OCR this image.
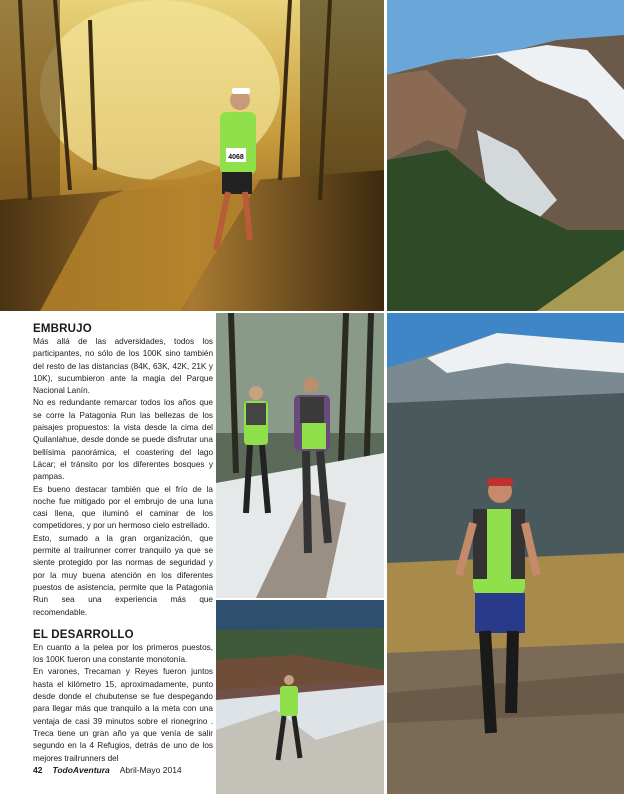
4068
EMBRUJO

Más allá de las adversidades, todos los participantes, no sólo de los 100K sino también del resto de las distancias (84K, 63K, 42K, 21K y 10K), sucumbieron ante la magia del Parque Nacional Lanín.

No es redundante remarcar todos los años que se corre la Patagonia Run las bellezas de los paisajes propuestos: la vista desde la cima del Quilanlahue, desde donde se puede disfrutar una bellísima panorámica, el coastering del lago Lácar; el tránsito por los diferentes bosques y pampas.

Es bueno destacar también que el frío de la noche fue mitigado por el embrujo de una luna casi llena, que iluminó el caminar de los competidores, y por un hermoso cielo estrellado.

Esto, sumado a la gran organización, que permite al trailrunner correr tranquilo ya que se siente protegido por las normas de seguridad y por la muy buena atención en los diferentes puestos de asistencia, permite que la Patagonia Run sea una experiencia más que recomendable.

EL DESARROLLO

En cuanto a la pelea por los primeros puestos, los 100K fueron una constante monotonía.

En varones, Trecaman y Reyes fueron juntos hasta el kilómetro 15, aproximadamente, punto desde donde el chubutense se fue despegando para llegar más que tranquilo a la meta con una ventaja de casi 39 minutos sobre el rionegrino . Treca tiene un gran año ya que venía de salir segundo en la 4 Refugios, detrás de uno de los mejores trailrunners del

42 TodoAventura Abril-Mayo 2014
